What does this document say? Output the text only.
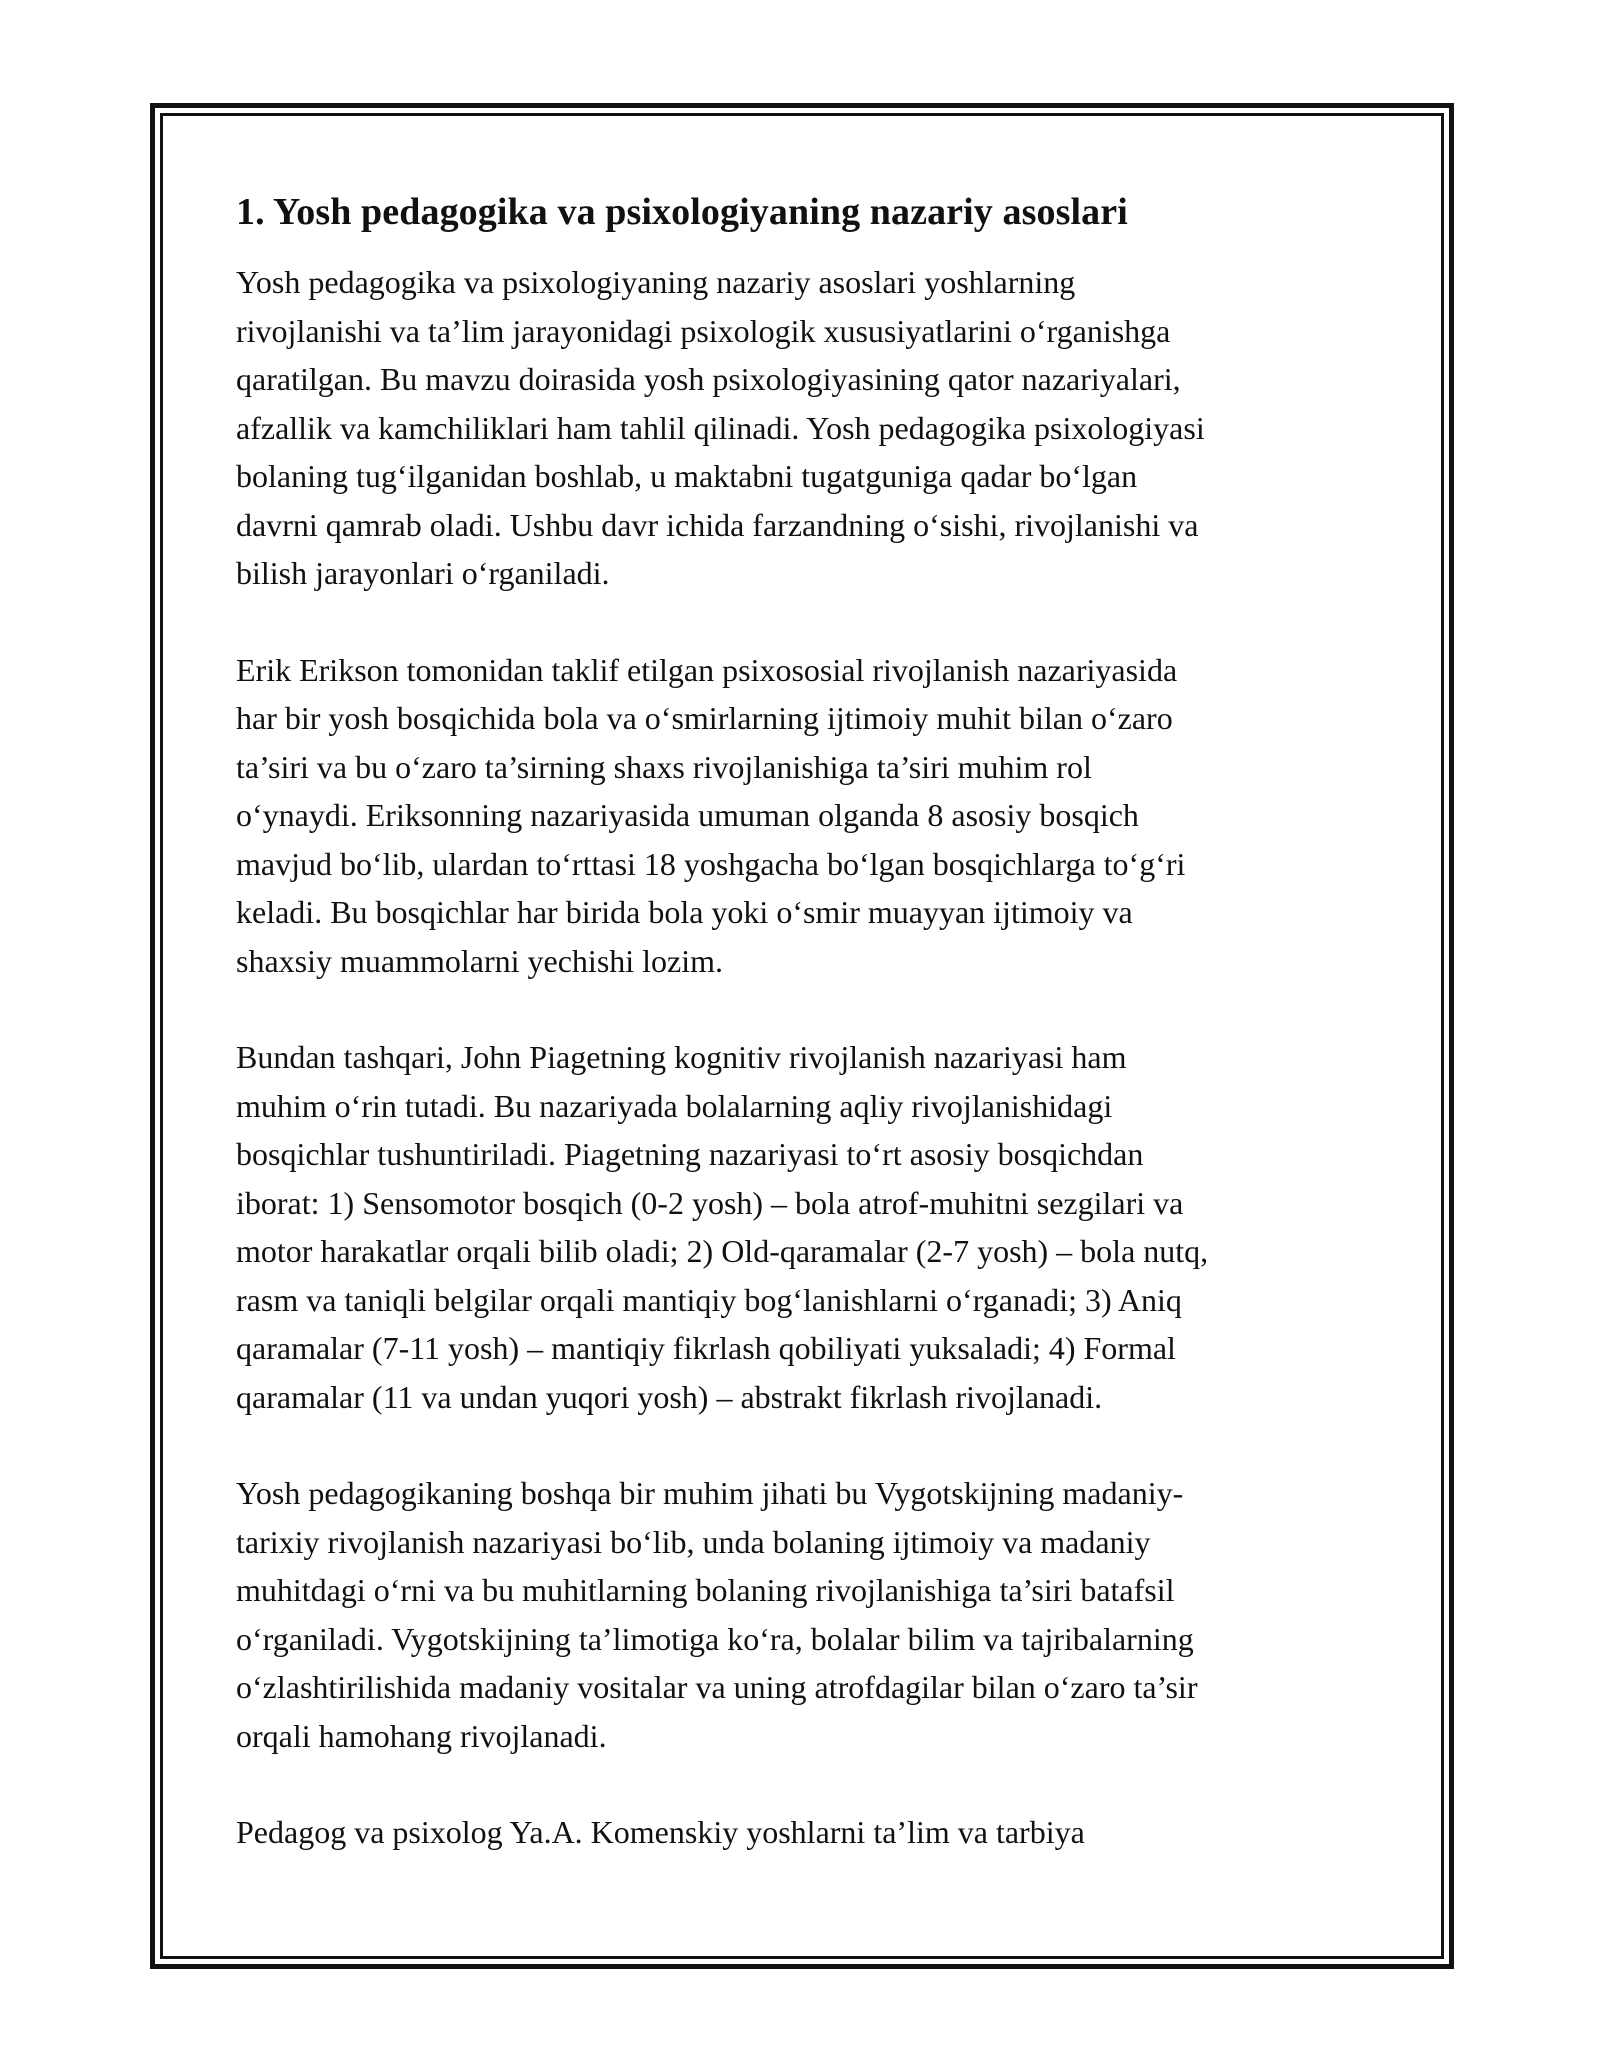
1. Yosh pedagogika va psixologiyaning nazariy asoslari

Yosh pedagogika va psixologiyaning nazariy asoslari yoshlarning
rivojlanishi va ta’lim jarayonidagi psixologik xususiyatlarini o‘rganishga
qaratilgan. Bu mavzu doirasida yosh psixologiyasining qator nazariyalari,
afzallik va kamchiliklari ham tahlil qilinadi. Yosh pedagogika psixologiyasi
bolaning tug‘ilganidan boshlab, u maktabni tugatguniga qadar bo‘lgan
davrni qamrab oladi. Ushbu davr ichida farzandning o‘sishi, rivojlanishi va
bilish jarayonlari o‘rganiladi.

Erik Erikson tomonidan taklif etilgan psixososial rivojlanish nazariyasida
har bir yosh bosqichida bola va o‘smirlarning ijtimoiy muhit bilan o‘zaro
ta’siri va bu o‘zaro ta’sirning shaxs rivojlanishiga ta’siri muhim rol
o‘ynaydi. Eriksonning nazariyasida umuman olganda 8 asosiy bosqich
mavjud bo‘lib, ulardan to‘rttasi 18 yoshgacha bo‘lgan bosqichlarga to‘g‘ri
keladi. Bu bosqichlar har birida bola yoki o‘smir muayyan ijtimoiy va
shaxsiy muammolarni yechishi lozim.

Bundan tashqari, John Piagetning kognitiv rivojlanish nazariyasi ham
muhim o‘rin tutadi. Bu nazariyada bolalarning aqliy rivojlanishidagi
bosqichlar tushuntiriladi. Piagetning nazariyasi to‘rt asosiy bosqichdan
iborat: 1) Sensomotor bosqich (0-2 yosh) – bola atrof-muhitni sezgilari va
motor harakatlar orqali bilib oladi; 2) Old-qaramalar (2-7 yosh) – bola nutq,
rasm va taniqli belgilar orqali mantiqiy bog‘lanishlarni o‘rganadi; 3) Aniq
qaramalar (7-11 yosh) – mantiqiy fikrlash qobiliyati yuksaladi; 4) Formal
qaramalar (11 va undan yuqori yosh) – abstrakt fikrlash rivojlanadi.

Yosh pedagogikaning boshqa bir muhim jihati bu Vygotskijning madaniy-
tarixiy rivojlanish nazariyasi bo‘lib, unda bolaning ijtimoiy va madaniy
muhitdagi o‘rni va bu muhitlarning bolaning rivojlanishiga ta’siri batafsil
o‘rganiladi. Vygotskijning ta’limotiga ko‘ra, bolalar bilim va tajribalarning
o‘zlashtirilishida madaniy vositalar va uning atrofdagilar bilan o‘zaro ta’sir
orqali hamohang rivojlanadi.

Pedagog va psixolog Ya.A. Komenskiy yoshlarni ta’lim va tarbiya
